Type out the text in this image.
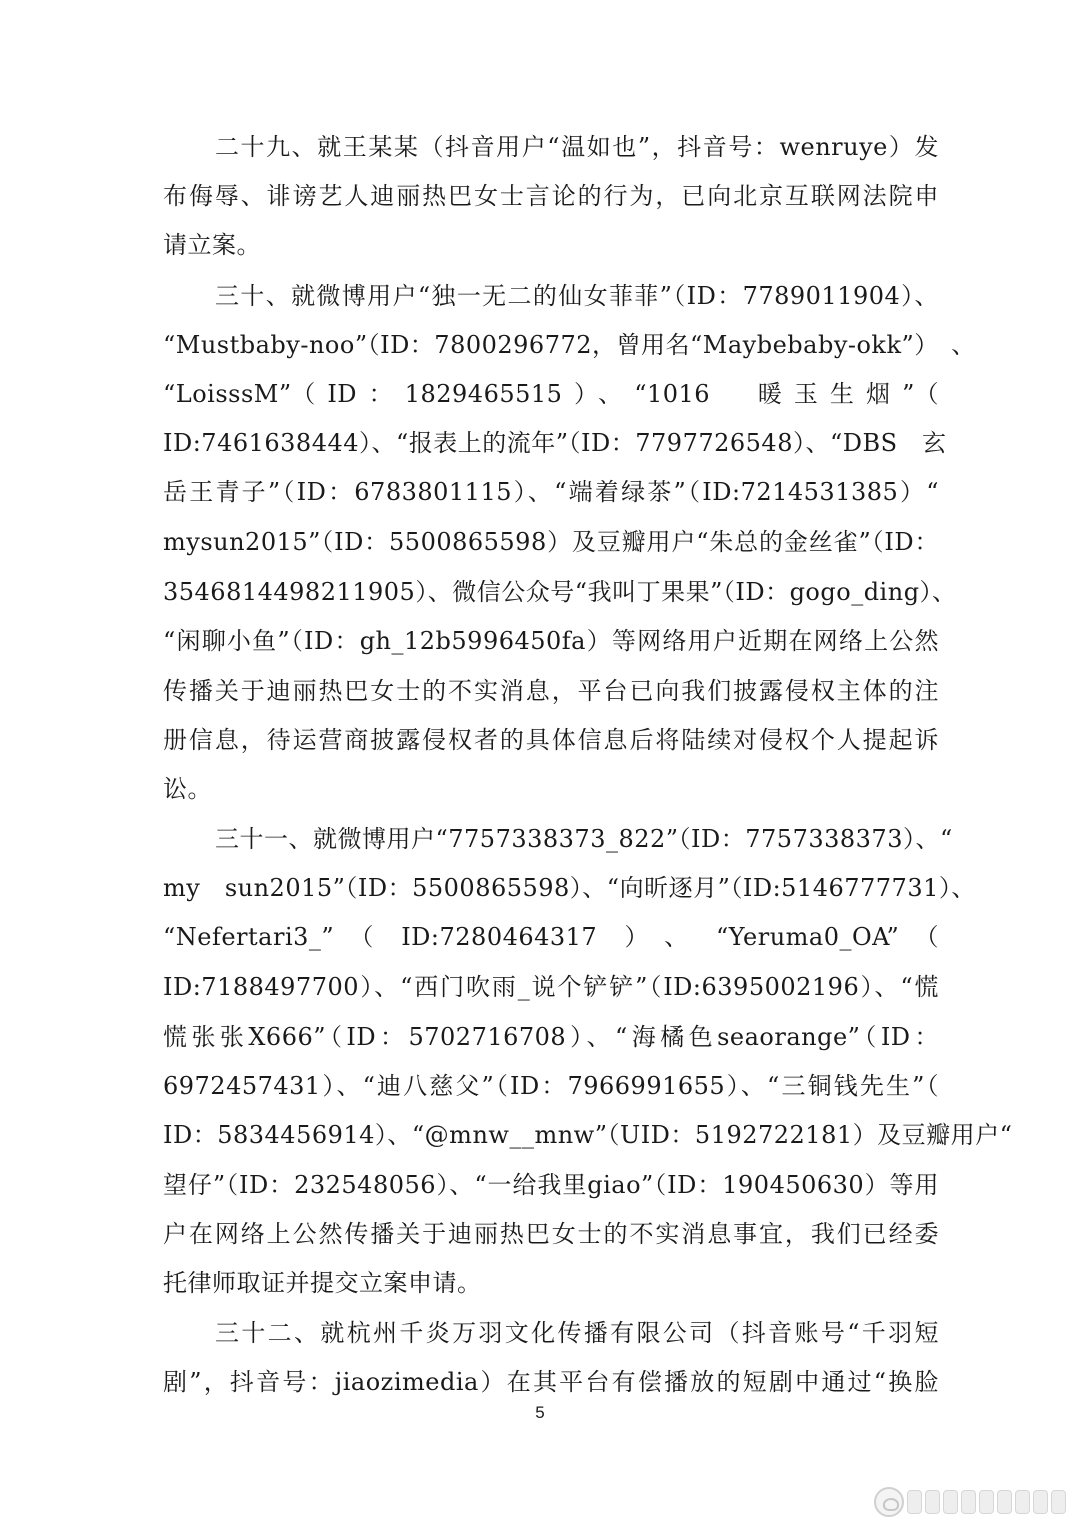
二十九、就王某某（抖音用户“温如也”，抖音号：wenruye）发
布侮辱、诽谤艺人迪丽热巴女士言论的行为，已向北京互联网法院申
请立案。
三十、就微博用户“独一无二的仙女菲菲”（ID：7789011904）、
“Mustbaby-noo”（ID：7800296772，曾用名“Maybebaby-okk”）　、
“LoisssM”（ID：1829465515）、“1016　暖玉生烟”（
ID:7461638444）、“报表上的流年”（ID：7797726548）、“DBS　玄
岳王青子”（ID：6783801115）、“端着绿茶”（ID:7214531385）“
mysun2015”（ID：5500865598）及豆瓣用户“朱总的金丝雀”（ID：
3546814498211905）、微信公众号“我叫丁果果”（ID：gogo_ding）、
“闲聊小鱼”（ID：gh_12b5996450fa）等网络用户近期在网络上公然
传播关于迪丽热巴女士的不实消息，平台已向我们披露侵权主体的注
册信息，待运营商披露侵权者的具体信息后将陆续对侵权个人提起诉
讼。
三十一、就微博用户“7757338373_822”（ID：7757338373）、“
my　sun2015”（ID：5500865598）、“向昕逐月”（ID:5146777731）、
“Nefertari3_”（ID:7280464317）、“Yeruma0_OA”（
ID:7188497700）、“西门吹雨_说个铲铲”（ID:6395002196）、“慌
慌张张X666”（ID：5702716708）、“海橘色seaorange”（ID：
6972457431）、“迪八慈父”（ID：7966991655）、“三铜钱先生”（
ID：5834456914）、“@mnw__mnw”（UID：5192722181）及豆瓣用户“
望仔”（ID：232548056）、“一给我里giao”（ID：190450630）等用
户在网络上公然传播关于迪丽热巴女士的不实消息事宜，我们已经委
托律师取证并提交立案申请。
三十二、就杭州千炎万羽文化传播有限公司（抖音账号“千羽短
剧”，抖音号：jiaozimedia）在其平台有偿播放的短剧中通过“换脸
5
